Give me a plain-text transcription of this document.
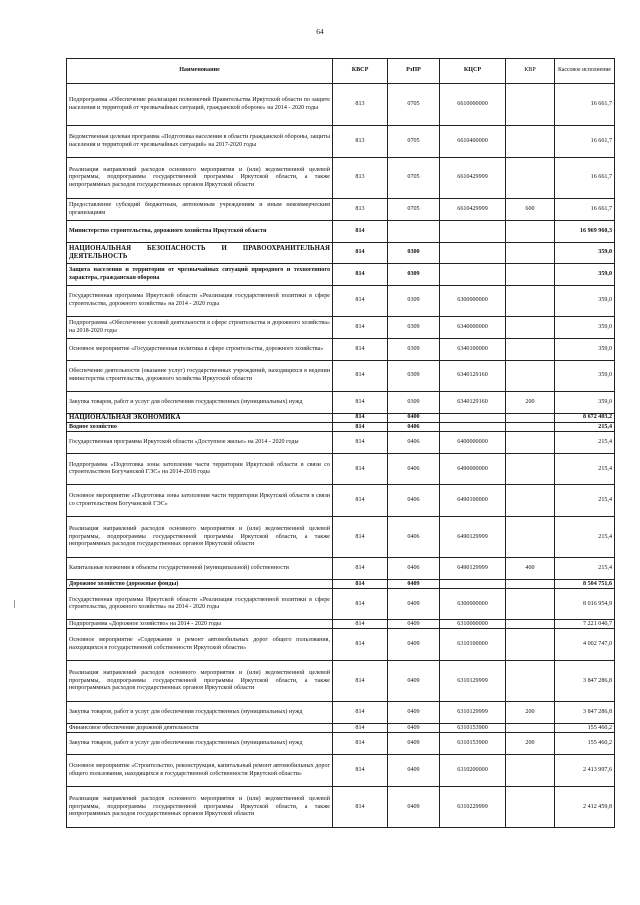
64
Наименование	КВСР	РзПР	КЦСР	КВР	Кассовое исполнение
Подпрограмма «Обеспечение реализации полномочий Правительства Иркутской области по защите населения и территорий от чрезвычайных ситуаций, гражданской обороне» на 2014 - 2020 годы	813	0705	6610000000		16 661,7
Ведомственная целевая программа «Подготовка населения в области гражданской обороны, защиты населения и территорий от чрезвычайных ситуаций» на 2017-2020 годы	813	0705	6610400000		16 661,7
Реализация направлений расходов основного мероприятия и (или) ведомственной целевой программы, подпрограммы государственной программы Иркутской области, а также непрограммных расходов государственных органов Иркутской области	813	0705	6610429999		16 661,7
Предоставление субсидий бюджетным, автономным учреждениям и иным некоммерческим организациям	813	0705	6610429999	600	16 661,7
Министерство строительства, дорожного хозяйства Иркутской области	814				16 969 960,3
НАЦИОНАЛЬНАЯ БЕЗОПАСНОСТЬ И ПРАВООХРАНИТЕЛЬНАЯ ДЕЯТЕЛЬНОСТЬ	814	0300			359,0
Защита населения и территории от чрезвычайных ситуаций природного и техногенного характера, гражданская оборона	814	0309			359,0
Государственная программа Иркутской области «Реализация государственной политики в сфере строительства, дорожного хозяйства» на 2014 - 2020 годы	814	0309	6300000000		359,0
Подпрограмма «Обеспечение условий деятельности в сфере строительства и дорожного хозяйства» на 2018-2020 годы	814	0309	6340000000		359,0
Основное мероприятие «Государственная политика в сфере строительства, дорожного хозяйства»	814	0309	6340100000		359,0
Обеспечение деятельности (оказание услуг) государственных учреждений, находящихся в ведении министерства строительства, дорожного хозяйства Иркутской области	814	0309	6340129160		359,0
Закупка товаров, работ и услуг для обеспечения государственных (муниципальных) нужд	814	0309	6340129160	200	359,0
НАЦИОНАЛЬНАЯ ЭКОНОМИКА	814	0400			8 672 403,2
Водное хозяйство	814	0406			215,4
Государственная программа Иркутской области «Доступное жилье» на 2014 - 2020 годы	814	0406	6400000000		215,4
Подпрограмма «Подготовка зоны затопления части территории Иркутской области в связи со строительством Богучанской ГЭС» на 2014-2018 годы	814	0406	6490000000		215,4
Основное мероприятие «Подготовка зоны затопления части территории Иркутской области в связи со строительством Богучанской ГЭС»	814	0406	6490100000		215,4
Реализация направлений расходов основного мероприятия и (или) ведомственной целевой программы, подпрограммы государственной программы Иркутской области, а также непрограммных расходов государственных органов Иркутской области	814	0406	6490129999		215,4
Капитальные вложения в объекты государственной (муниципальной) собственности	814	0406	6490129999	400	215,4
Дорожное хозяйство (дорожные фонды)	814	0409			8 504 751,6
Государственная программа Иркутской области «Реализация государственной политики в сфере строительства, дорожного хозяйства» на 2014 - 2020 годы	814	0409	6300000000		8 016 954,9
Подпрограмма «Дорожное хозяйство» на 2014 - 2020 годы	814	0409	6310000000		7 221 040,7
Основное мероприятие «Содержание и ремонт автомобильных дорог общего пользования, находящихся в государственной собственности Иркутской области»	814	0409	6310100000		4 002 747,0
Реализация направлений расходов основного мероприятия и (или) ведомственной целевой программы, подпрограммы государственной программы Иркутской области, а также непрограммных расходов государственных органов Иркутской области	814	0409	6310129999		3 847 286,8
Закупка товаров, работ и услуг для обеспечения государственных (муниципальных) нужд	814	0409	6310129999	200	3 847 286,8
Финансовое обеспечение дорожной деятельности	814	0409	6310153900		155 460,2
Закупка товаров, работ и услуг для обеспечения государственных (муниципальных) нужд	814	0409	6310153900	200	155 460,2
Основное мероприятие «Строительство, реконструкция, капитальный ремонт автомобильных дорог общего пользования, находящихся в государственной собственности Иркутской области»	814	0409	6310200000		2 413 997,6
Реализация направлений расходов основного мероприятия и (или) ведомственной целевой программы, подпрограммы государственной программы Иркутской области, а также непрограммных расходов государственных органов Иркутской области	814	0409	6310229999		2 412 459,8
